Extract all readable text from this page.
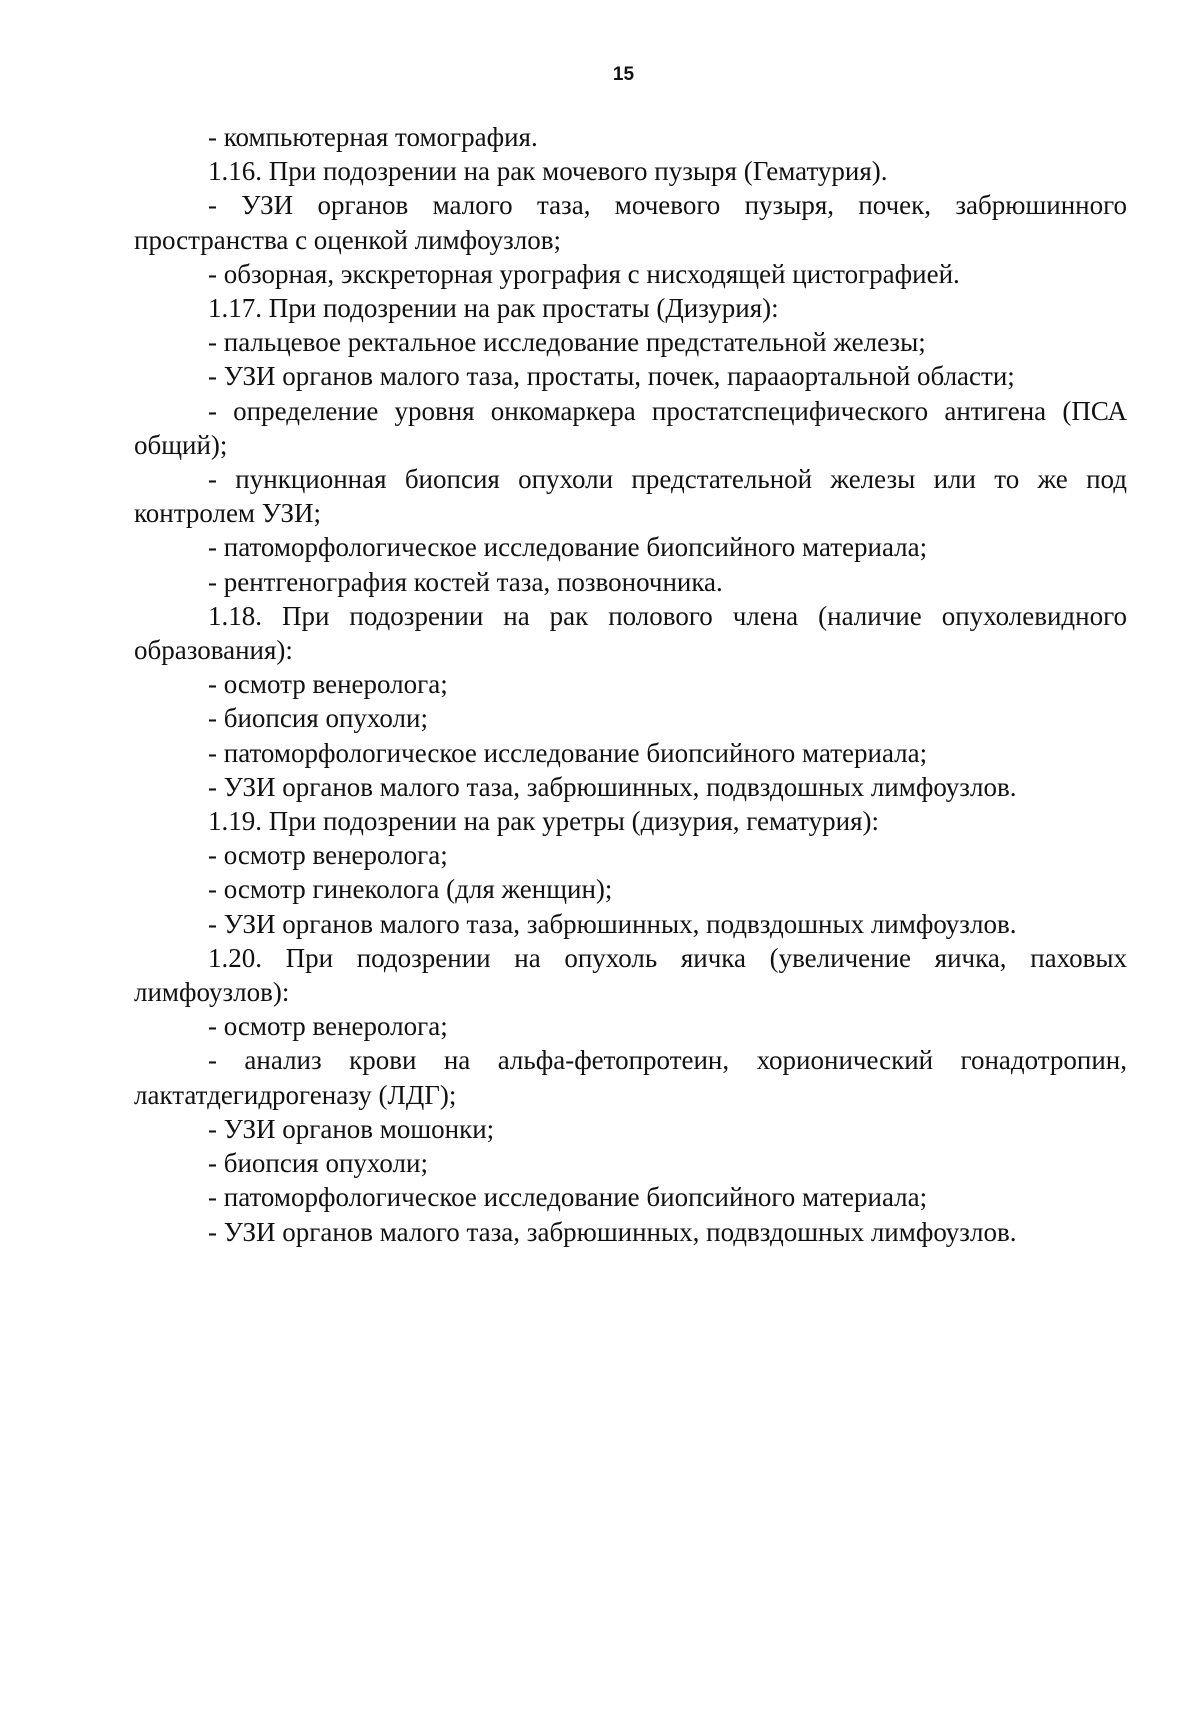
15

- компьютерная томография.

1.16. При подозрении на рак мочевого пузыря (Гематурия).

- УЗИ органов малого таза, мочевого пузыря, почек, забрюшинного пространства с оценкой лимфоузлов;

- обзорная, экскреторная урография с нисходящей цистографией.

1.17. При подозрении на рак простаты (Дизурия):

- пальцевое ректальное исследование предстательной железы;

- УЗИ органов малого таза, простаты, почек, парааортальной области;

- определение уровня онкомаркера простатспецифического антигена (ПСА общий);

- пункционная биопсия опухоли предстательной железы или то же под контролем УЗИ;

- патоморфологическое исследование биопсийного материала;

- рентгенография костей таза, позвоночника.

1.18. При подозрении на рак полового члена (наличие опухолевидного образования):

- осмотр венеролога;

- биопсия опухоли;

- патоморфологическое исследование биопсийного материала;

- УЗИ органов малого таза, забрюшинных, подвздошных лимфоузлов.

1.19. При подозрении на рак уретры (дизурия, гематурия):

- осмотр венеролога;

- осмотр гинеколога (для женщин);

- УЗИ органов малого таза, забрюшинных, подвздошных лимфоузлов.

1.20. При подозрении на опухоль яичка (увеличение яичка, паховых лимфоузлов):

- осмотр венеролога;

- анализ крови на альфа-фетопротеин, хорионический гонадотропин, лактатдегидрогеназу (ЛДГ);

- УЗИ органов мошонки;

- биопсия опухоли;

- патоморфологическое исследование биопсийного материала;

- УЗИ органов малого таза, забрюшинных, подвздошных лимфоузлов.
